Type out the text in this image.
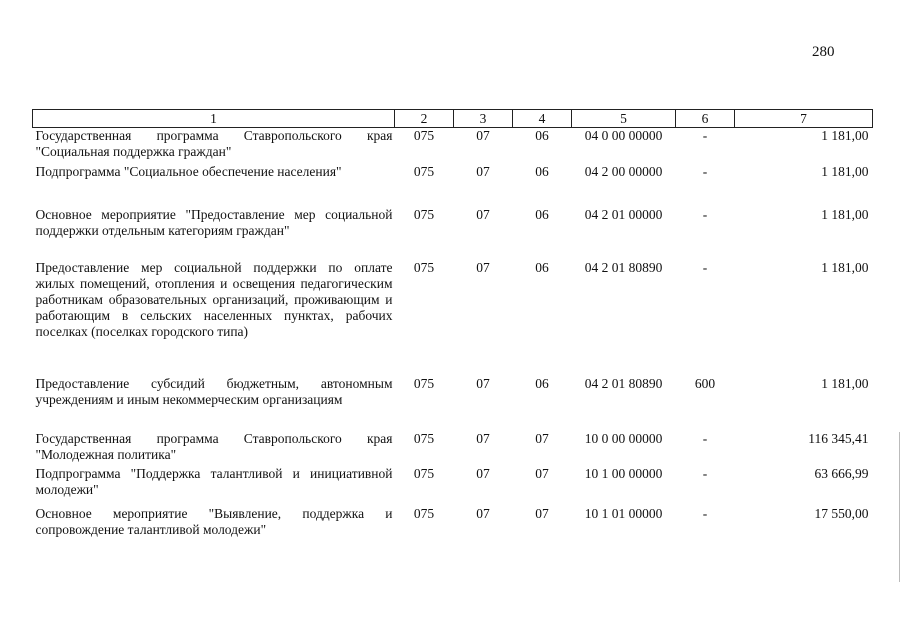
280
1	2	3	4	5	6	7
Государственная программа Ставропольского края "Социальная поддержка граждан"	075	07	06	04 0 00 00000	-	1 181,00
Подпрограмма "Социальное обеспечение населения"	075	07	06	04 2 00 00000	-	1 181,00
Основное мероприятие "Предоставление мер социальной поддержки отдельным категориям граждан"	075	07	06	04 2 01 00000	-	1 181,00
Предоставление мер социальной поддержки по оплате жилых помещений, отопления и освещения педагогическим работникам образовательных организаций, проживающим и работающим в сельских населенных пунктах, рабочих поселках (поселках городского типа)	075	07	06	04 2 01 80890	-	1 181,00
Предоставление субсидий бюджетным, автономным учреждениям и иным некоммерческим организациям	075	07	06	04 2 01 80890	600	1 181,00
Государственная программа Ставропольского края "Молодежная политика"	075	07	07	10 0 00 00000	-	116 345,41
Подпрограмма "Поддержка талантливой и инициативной молодежи"	075	07	07	10 1 00 00000	-	63 666,99
Основное мероприятие "Выявление, поддержка и сопровождение талантливой молодежи"	075	07	07	10 1 01 00000	-	17 550,00
